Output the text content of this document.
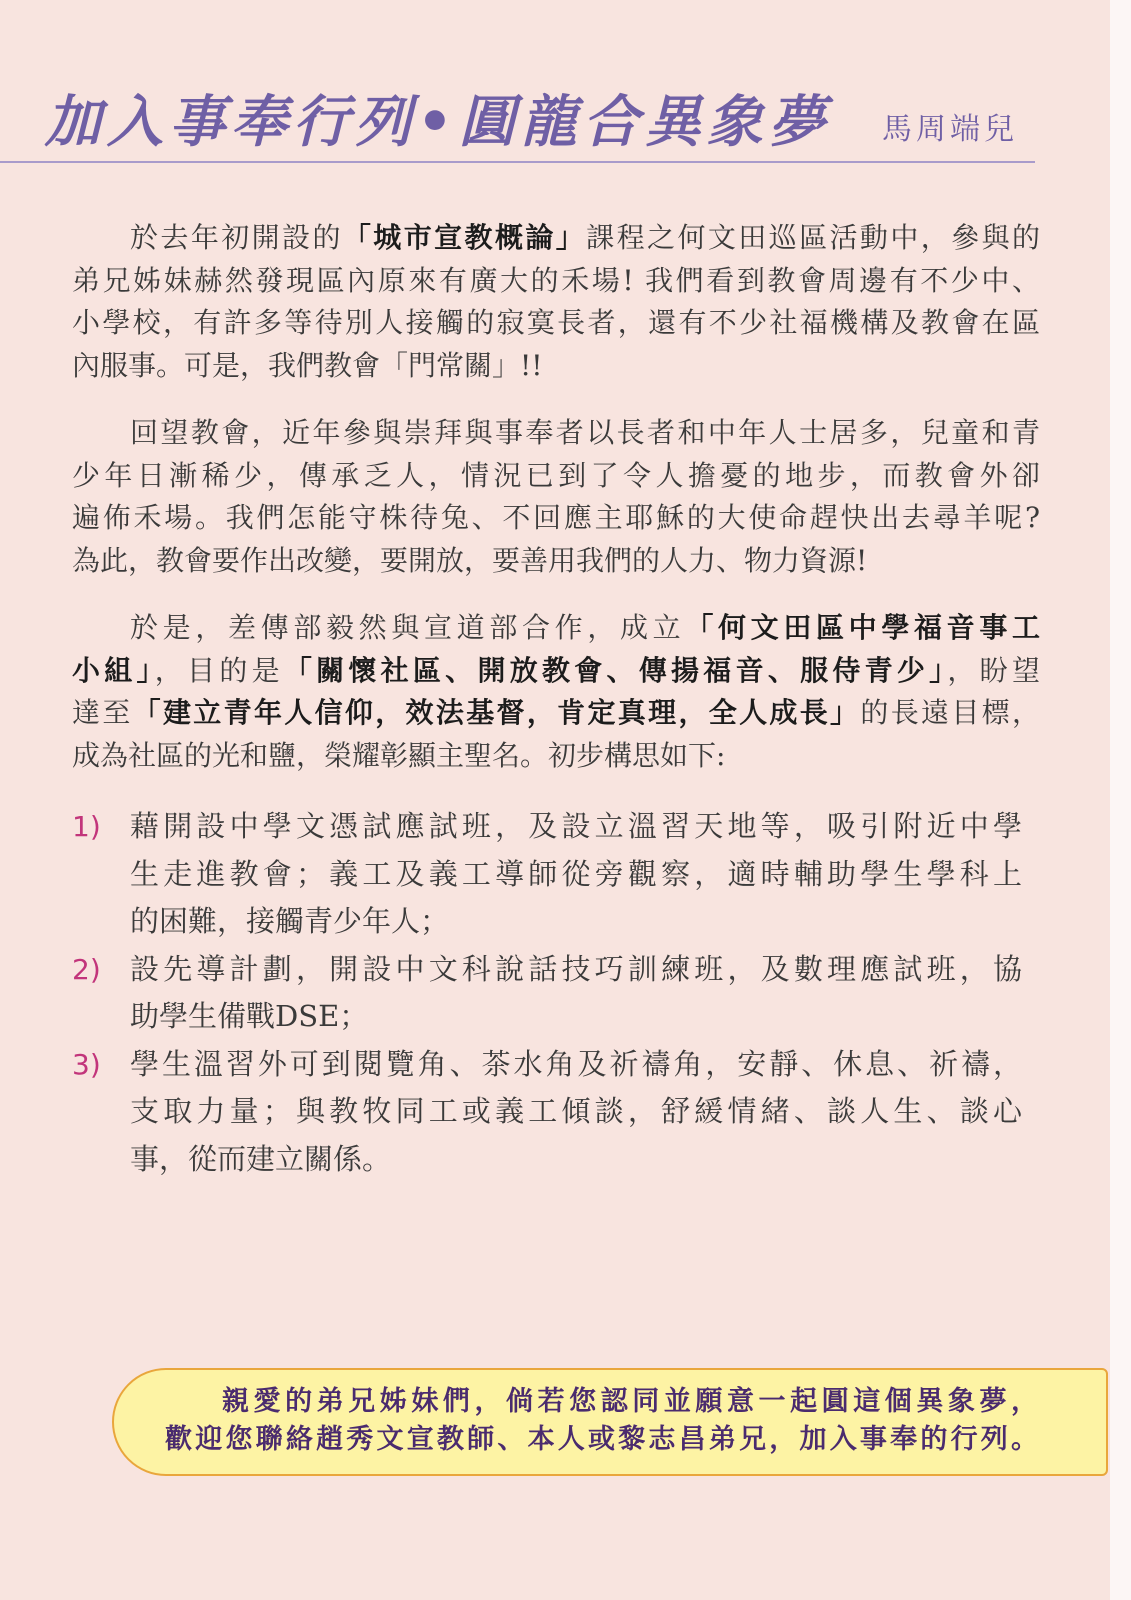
加入事奉行列•圓龍合異象夢 馬周端兒
於去年初開設的「城市宣教概論」課程之何文田巡區活動中，參與的
弟兄姊妹赫然發現區內原來有廣大的禾場! 我們看到教會周邊有不少中、
小學校，有許多等待別人接觸的寂寞長者，還有不少社福機構及教會在區
內服事。可是，我們教會「門常關」!!
回望教會，近年參與崇拜與事奉者以長者和中年人士居多，兒童和青
少年日漸稀少，傳承乏人，情況已到了令人擔憂的地步，而教會外卻
遍佈禾場。我們怎能守株待兔、不回應主耶穌的大使命趕快出去尋羊呢?
為此，教會要作出改變，要開放，要善用我們的人力、物力資源!
於是，差傳部毅然與宣道部合作，成立「何文田區中學福音事工
小組」，目的是「關懷社區、開放教會、傳揚福音、服侍青少」，盼望
達至「建立青年人信仰，效法基督，肯定真理，全人成長」的長遠目標，
成為社區的光和鹽，榮耀彰顯主聖名。初步構思如下:
1)	藉開設中學文憑試應試班，及設立溫習天地等，吸引附近中學
生走進教會；義工及義工導師從旁觀察，適時輔助學生學科上
的困難，接觸青少年人；
2)	設先導計劃，開設中文科說話技巧訓練班，及數理應試班，協
助學生備戰DSE；
3)	學生溫習外可到閱覽角、茶水角及祈禱角，安靜、休息、祈禱，
支取力量；與教牧同工或義工傾談，舒緩情緒、談人生、談心
事，從而建立關係。
親愛的弟兄姊妹們，倘若您認同並願意一起圓這個異象夢，
歡迎您聯絡趙秀文宣教師、本人或黎志昌弟兄，加入事奉的行列。
